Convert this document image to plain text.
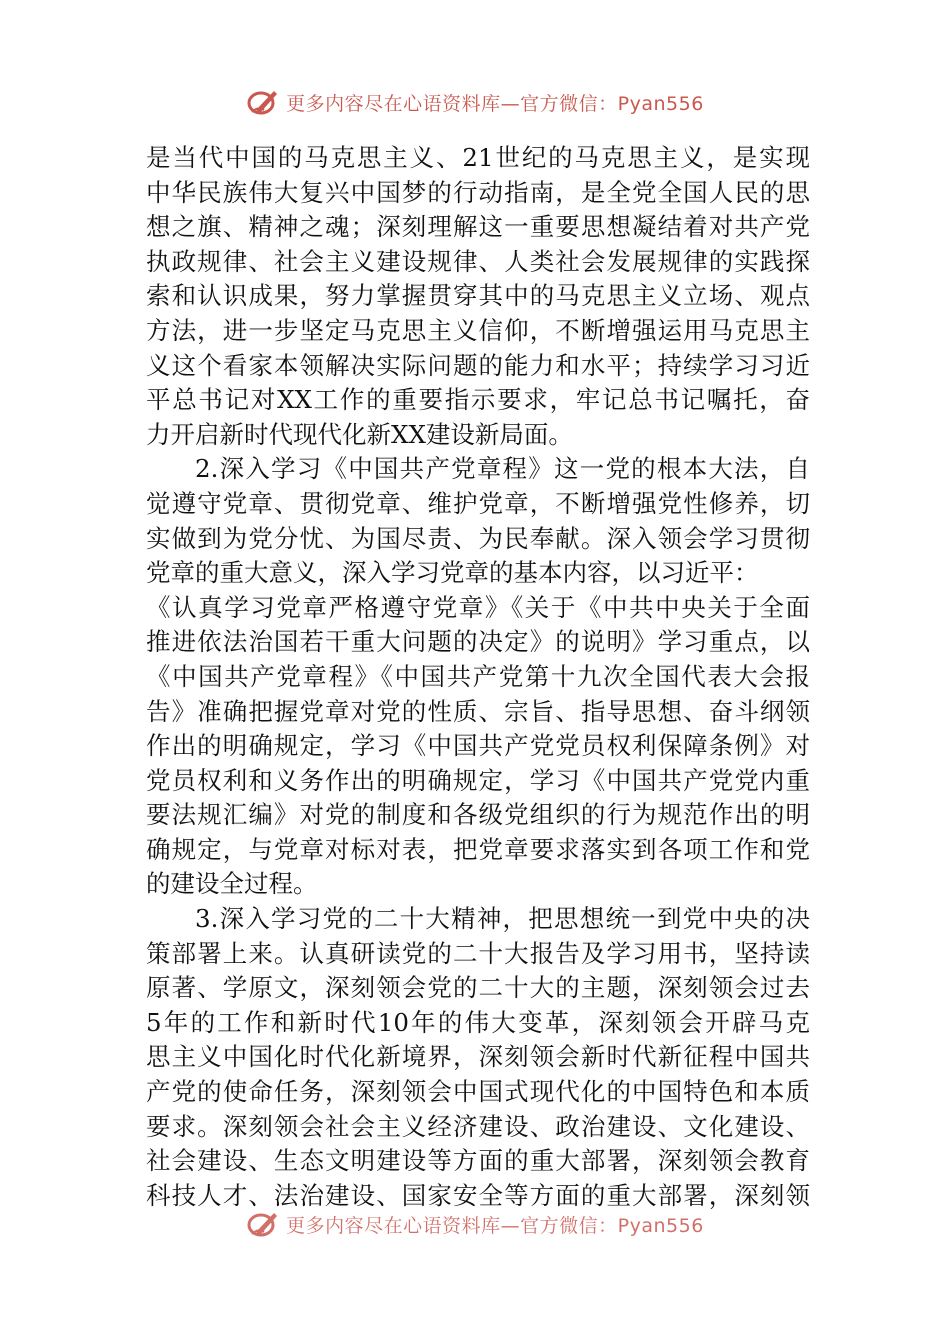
更多内容尽在心语资料库—官方微信：Pyan556
是当代中国的马克思主义、21世纪的马克思主义，是实现
中华民族伟大复兴中国梦的行动指南，是全党全国人民的思
想之旗、精神之魂；深刻理解这一重要思想凝结着对共产党
执政规律、社会主义建设规律、人类社会发展规律的实践探
索和认识成果，努力掌握贯穿其中的马克思主义立场、观点
方法，进一步坚定马克思主义信仰，不断增强运用马克思主
义这个看家本领解决实际问题的能力和水平；持续学习习近
平总书记对XX工作的重要指示要求，牢记总书记嘱托，奋
力开启新时代现代化新XX建设新局面。
2.深入学习《中国共产党章程》这一党的根本大法，自
觉遵守党章、贯彻党章、维护党章，不断增强党性修养，切
实做到为党分忧、为国尽责、为民奉献。深入领会学习贯彻
党章的重大意义，深入学习党章的基本内容，以习近平：
《认真学习党章严格遵守党章》《关于《中共中央关于全面
推进依法治国若干重大问题的决定》的说明》学习重点，以
《中国共产党章程》《中国共产党第十九次全国代表大会报
告》准确把握党章对党的性质、宗旨、指导思想、奋斗纲领
作出的明确规定，学习《中国共产党党员权利保障条例》对
党员权利和义务作出的明确规定，学习《中国共产党党内重
要法规汇编》对党的制度和各级党组织的行为规范作出的明
确规定，与党章对标对表，把党章要求落实到各项工作和党
的建设全过程。
3.深入学习党的二十大精神，把思想统一到党中央的决
策部署上来。认真研读党的二十大报告及学习用书，坚持读
原著、学原文，深刻领会党的二十大的主题，深刻领会过去
5年的工作和新时代10年的伟大变革，深刻领会开辟马克
思主义中国化时代化新境界，深刻领会新时代新征程中国共
产党的使命任务，深刻领会中国式现代化的中国特色和本质
要求。深刻领会社会主义经济建设、政治建设、文化建设、
社会建设、生态文明建设等方面的重大部署，深刻领会教育
科技人才、法治建设、国家安全等方面的重大部署，深刻领
更多内容尽在心语资料库—官方微信：Pyan556
